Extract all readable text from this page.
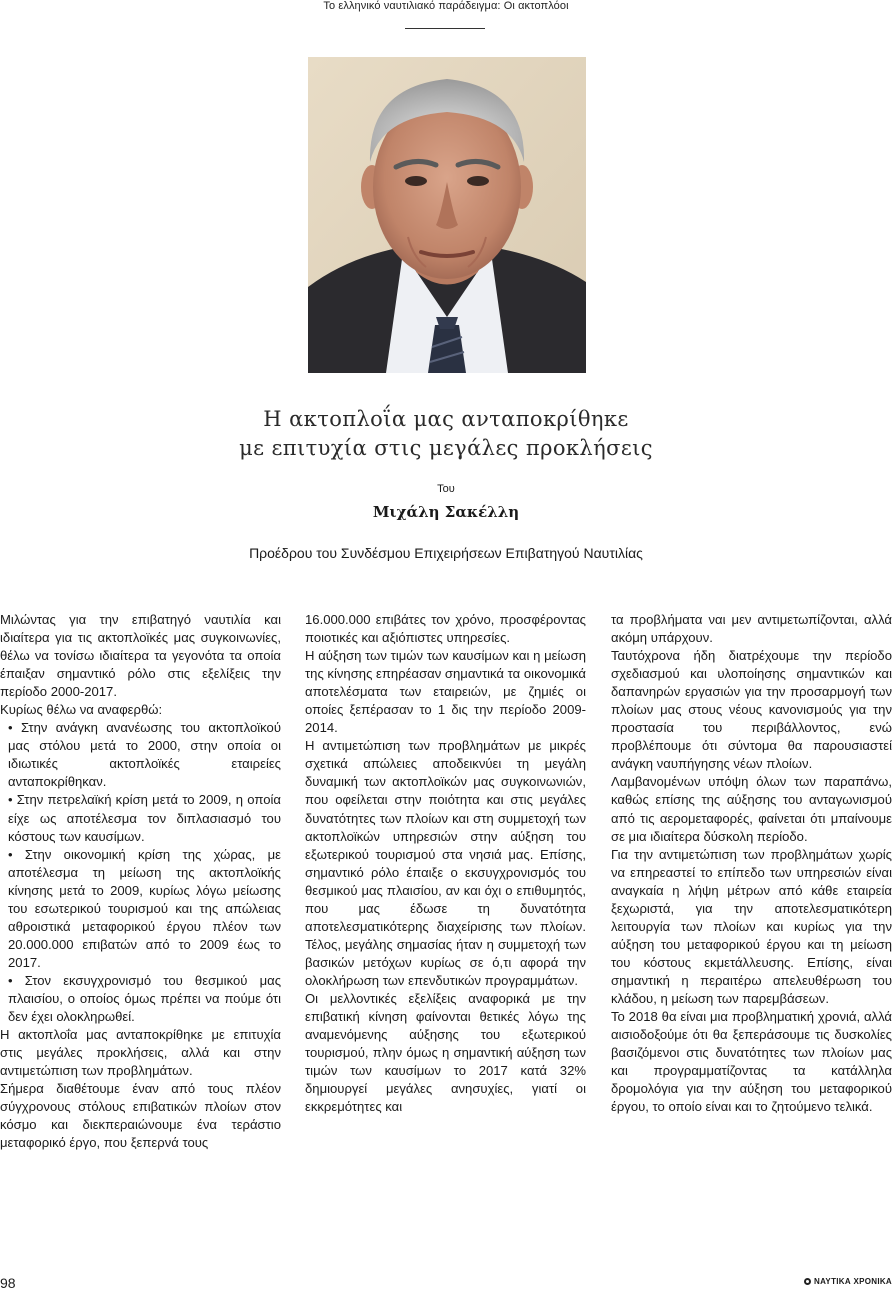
Το ελληνικό ναυτιλιακό παράδειγμα: Οι ακτοπλόοι
Η ακτοπλοΐα μας ανταποκρίθηκε
με επιτυχία στις μεγάλες προκλήσεις
Του
Μιχάλη Σακέλλη
Προέδρου του Συνδέσμου Επιχειρήσεων Επιβατηγού Ναυτιλίας

Μιλώντας για την επιβατηγό ναυτιλία και ιδιαίτερα για τις ακτοπλοϊκές μας συγκοινωνίες, θέλω να τονίσω ιδιαίτερα τα γεγονότα τα οποία έπαιξαν σημαντικό ρόλο στις εξελίξεις την περίοδο 2000-2017.

Κυρίως θέλω να αναφερθώ:

• Στην ανάγκη ανανέωσης του ακτοπλοϊκού μας στόλου μετά το 2000, στην οποία οι ιδιωτικές ακτοπλοϊκές εταιρείες ανταποκρίθηκαν.

• Στην πετρελαϊκή κρίση μετά το 2009, η οποία είχε ως αποτέλεσμα τον διπλασιασμό του κόστους των καυσίμων.

• Στην οικονομική κρίση της χώρας, με αποτέλεσμα τη μείωση της ακτοπλοϊκής κίνησης μετά το 2009, κυρίως λόγω μείωσης του εσωτερικού τουρισμού και της απώλειας αθροιστικά μεταφορικού έργου πλέον των 20.000.000 επιβατών από το 2009 έως το 2017.

• Στον εκσυγχρονισμό του θεσμικού μας πλαισίου, ο οποίος όμως πρέπει να πούμε ότι δεν έχει ολοκληρωθεί.

Η ακτοπλοΐα μας ανταποκρίθηκε με επιτυχία στις μεγάλες προκλήσεις, αλλά και στην αντιμετώπιση των προβλημάτων.

Σήμερα διαθέτουμε έναν από τους πλέον σύγχρονους στόλους επιβατικών πλοίων στον κόσμο και διεκπεραιώνουμε ένα τεράστιο μεταφορικό έργο, που ξεπερνά τους

16.000.000 επιβάτες τον χρόνο, προσφέροντας ποιοτικές και αξιόπιστες υπηρεσίες.

Η αύξηση των τιμών των καυσίμων και η μείωση της κίνησης επηρέασαν σημαντικά τα οικονομικά αποτελέσματα των εταιρειών, με ζημιές οι οποίες ξεπέρασαν το 1 δις την περίοδο 2009-2014.

Η αντιμετώπιση των προβλημάτων με μικρές σχετικά απώλειες αποδεικνύει τη μεγάλη δυναμική των ακτοπλοϊκών μας συγκοινωνιών, που οφείλεται στην ποιότητα και στις μεγάλες δυνατότητες των πλοίων και στη συμμετοχή των ακτοπλοϊκών υπηρεσιών στην αύξηση του εξωτερικού τουρισμού στα νησιά μας. Επίσης, σημαντικό ρόλο έπαιξε ο εκσυγχρονισμός του θεσμικού μας πλαισίου, αν και όχι ο επιθυμητός, που μας έδωσε τη δυνατότητα αποτελεσματικότερης διαχείρισης των πλοίων. Τέλος, μεγάλης σημασίας ήταν η συμμετοχή των βασικών μετόχων κυρίως σε ό,τι αφορά την ολοκλήρωση των επενδυτικών προγραμμάτων.

Οι μελλοντικές εξελίξεις αναφορικά με την επιβατική κίνηση φαίνονται θετικές λόγω της αναμενόμενης αύξησης του εξωτερικού τουρισμού, πλην όμως η σημαντική αύξηση των τιμών των καυσίμων το 2017 κατά 32% δημιουργεί μεγάλες ανησυχίες, γιατί οι εκκρεμότητες και

τα προβλήματα ναι μεν αντιμετωπίζονται, αλλά ακόμη υπάρχουν.

Ταυτόχρονα ήδη διατρέχουμε την περίοδο σχεδιασμού και υλοποίησης σημαντικών και δαπανηρών εργασιών για την προσαρμογή των πλοίων μας στους νέους κανονισμούς για την προστασία του περιβάλλοντος, ενώ προβλέπουμε ότι σύντομα θα παρουσιαστεί ανάγκη ναυπήγησης νέων πλοίων.

Λαμβανομένων υπόψη όλων των παραπάνω, καθώς επίσης της αύξησης του ανταγωνισμού από τις αερομεταφορές, φαίνεται ότι μπαίνουμε σε μια ιδιαίτερα δύσκολη περίοδο.

Για την αντιμετώπιση των προβλημάτων χωρίς να επηρεαστεί το επίπεδο των υπηρεσιών είναι αναγκαία η λήψη μέτρων από κάθε εταιρεία ξεχωριστά, για την αποτελεσματικότερη λειτουργία των πλοίων και κυρίως για την αύξηση του μεταφορικού έργου και τη μείωση του κόστους εκμετάλλευσης. Επίσης, είναι σημαντική η περαιτέρω απελευθέρωση του κλάδου, η μείωση των παρεμβάσεων.

Το 2018 θα είναι μια προβληματική χρονιά, αλλά αισιοδοξούμε ότι θα ξεπεράσουμε τις δυσκολίες βασιζόμενοι στις δυνατότητες των πλοίων μας και προγραμματίζοντας τα κατάλληλα δρομολόγια για την αύξηση του μεταφορικού έργου, το οποίο είναι και το ζητούμενο τελικά.

98	ΝΑΥΤΙΚΑ ΧΡΟΝΙΚΑ
